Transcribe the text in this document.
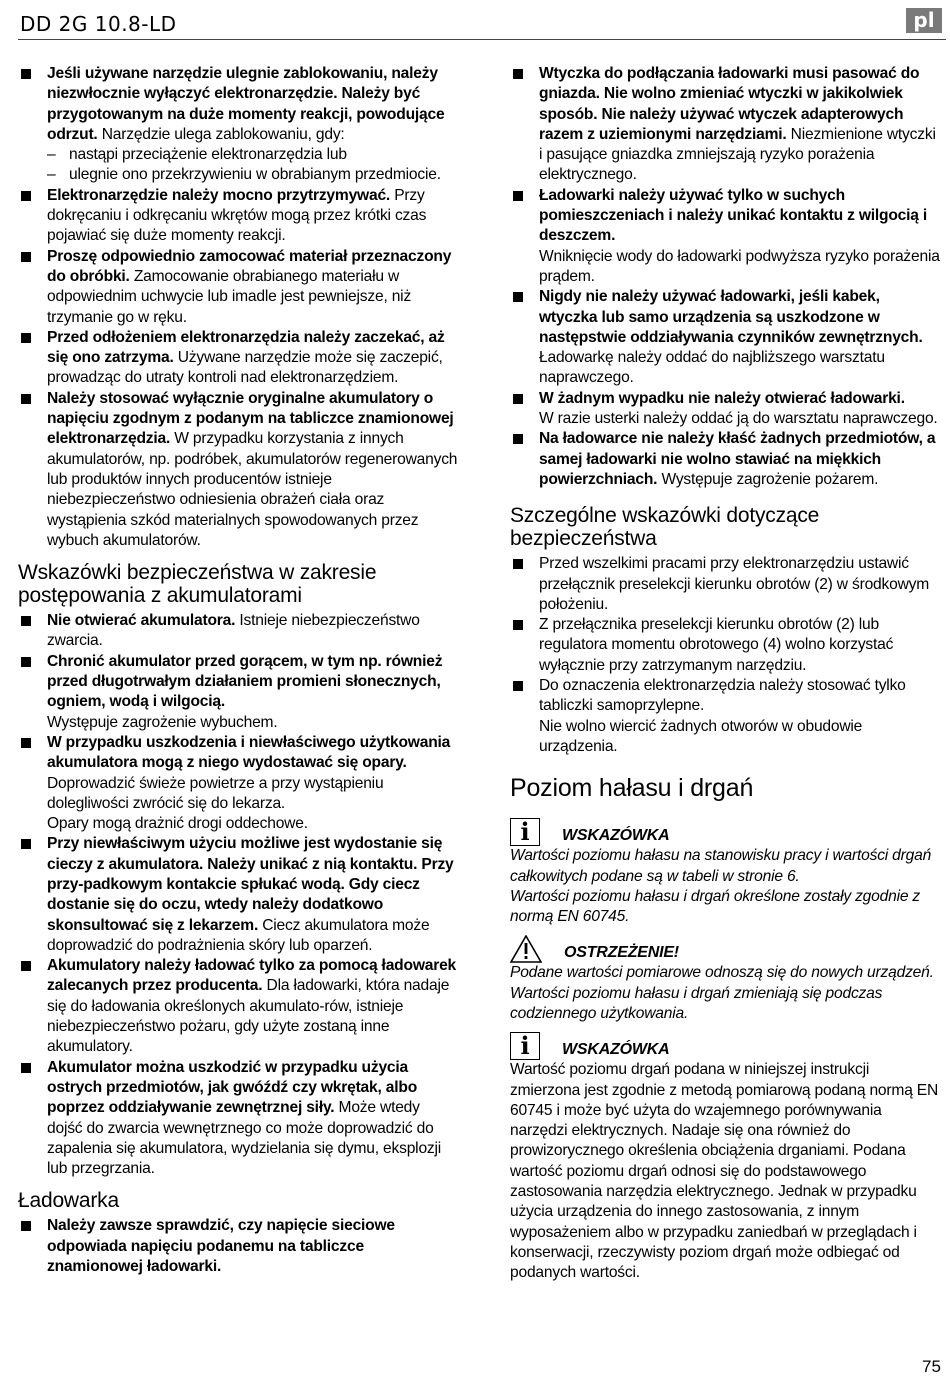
DD 2G 10.8-LD	pl
Jeśli używane narzędzie ulegnie zablokowaniu, należy niezwłocznie wyłączyć elektronarzędzie. Należy być przygotowanym na duże momenty reakcji, powodujące odrzut. Narzędzie ulega zablokowaniu, gdy:
– nastąpi przeciążenie elektronarzędzia lub
– ulegnie ono przekrzywieniu w obrabianym przedmiocie.
Elektronarzędzie należy mocno przytrzymywać. Przy dokręcaniu i odkręcaniu wkrętów mogą przez krótki czas pojawiać się duże momenty reakcji.
Proszę odpowiednio zamocować materiał przeznaczony do obróbki. Zamocowanie obrabianego materiału w odpowiednim uchwycie lub imadle jest pewniejsze, niż trzymanie go w ręku.
Przed odłożeniem elektronarzędzia należy zaczekać, aż się ono zatrzyma. Używane narzędzie może się zaczepić, prowadząc do utraty kontroli nad elektronarzędziem.
Należy stosować wyłącznie oryginalne akumulatory o napięciu zgodnym z podanym na tabliczce znamionowej elektronarzędzia. W przypadku korzystania z innych akumulatorów, np. podróbek, akumulatorów regenerowanych lub produktów innych producentów istnieje niebezpieczeństwo odniesienia obrażeń ciała oraz wystąpienia szkód materialnych spowodowanych przez wybuch akumulatorów.
Wskazówki bezpieczeństwa w zakresie postępowania z akumulatorami
Nie otwierać akumulatora. Istnieje niebezpieczeństwo zwarcia.
Chronić akumulator przed gorącem, w tym np. również przed długotrwałym działaniem promieni słonecznych, ogniem, wodą i wilgocią.
Występuje zagrożenie wybuchem.
W przypadku uszkodzenia i niewłaściwego użytkowania akumulatora mogą z niego wydostawać się opary. Doprowadzić świeże powietrze a przy wystąpieniu dolegliwości zwrócić się do lekarza.
Opary mogą drażnić drogi oddechowe.
Przy niewłaściwym użyciu możliwe jest wydostanie się cieczy z akumulatora. Należy unikać z nią kontaktu. Przy przy-padkowym kontakcie spłukać wodą. Gdy ciecz dostanie się do oczu, wtedy należy dodatkowo skonsultować się z lekarzem. Ciecz akumulatora może doprowadzić do podrażnienia skóry lub oparzeń.
Akumulatory należy ładować tylko za pomocą ładowarek zalecanych przez producenta. Dla ładowarki, która nadaje się do ładowania określonych akumulato-rów, istnieje niebezpieczeństwo pożaru, gdy użyte zostaną inne akumulatory.
Akumulator można uszkodzić w przypadku użycia ostrych przedmiotów, jak gwóźdź czy wkrętak, albo poprzez oddziaływanie zewnętrznej siły. Może wtedy dojść do zwarcia wewnętrznego co może doprowadzić do zapalenia się akumulatora, wydzielania się dymu, eksplozji lub przegrzania.
Ładowarka
Należy zawsze sprawdzić, czy napięcie sieciowe odpowiada napięciu podanemu na tabliczce znamionowej ładowarki.
Wtyczka do podłączania ładowarki musi pasować do gniazda. Nie wolno zmieniać wtyczki w jakikolwiek sposób. Nie należy używać wtyczek adapterowych razem z uziemionymi narzędziami. Niezmienione wtyczki i pasujące gniazdka zmniejszają ryzyko porażenia elektrycznego.
Ładowarki należy używać tylko w suchych pomieszczeniach i należy unikać kontaktu z wilgocią i deszczem.
Wniknięcie wody do ładowarki podwyższa ryzyko porażenia prądem.
Nigdy nie należy używać ładowarki, jeśli kabek, wtyczka lub samo urządzenia są uszkodzone w następstwie oddziaływania czynników zewnętrznych. Ładowarkę należy oddać do najbliższego warsztatu naprawczego.
W żadnym wypadku nie należy otwierać ładowarki.
W razie usterki należy oddać ją do warsztatu naprawczego.
Na ładowarce nie należy kłaść żadnych przedmiotów, a samej ładowarki nie wolno stawiać na miękkich powierzchniach. Występuje zagrożenie pożarem.
Szczególne wskazówki dotyczące bezpieczeństwa
Przed wszelkimi pracami przy elektronarzędziu ustawić przełącznik preselekcji kierunku obrotów (2) w środkowym położeniu.
Z przełącznika preselekcji kierunku obrotów (2) lub regulatora momentu obrotowego (4) wolno korzystać wyłącznie przy zatrzymanym narzędziu.
Do oznaczenia elektronarzędzia należy stosować tylko tabliczki samoprzylepne.
Nie wolno wiercić żadnych otworów w obudowie urządzenia.
Poziom hałasu i drgań
i	WSKAZÓWKA

Wartości poziomu hałasu na stanowisku pracy i wartości drgań całkowitych podane są w tabeli w stronie 6.

Wartości poziomu hałasu i drgań określone zostały zgodnie z normą EN 60745.

OSTRZEŻENIE!

Podane wartości pomiarowe odnoszą się do nowych urządzeń. Wartości poziomu hałasu i drgań zmieniają się podczas codziennego użytkowania.

i	WSKAZÓWKA

Wartość poziomu drgań podana w niniejszej instrukcji zmierzona jest zgodnie z metodą pomiarową podaną normą EN 60745 i może być użyta do wzajemnego porównywania narzędzi elektrycznych. Nadaje się ona również do prowizorycznego określenia obciążenia drganiami. Podana wartość poziomu drgań odnosi się do podstawowego zastosowania narzędzia elektrycznego. Jednak w przypadku użycia urządzenia do innego zastosowania, z innym wyposażeniem albo w przypadku zaniedbań w przeglądach i konserwacji, rzeczywisty poziom drgań może odbiegać od podanych wartości.

75
